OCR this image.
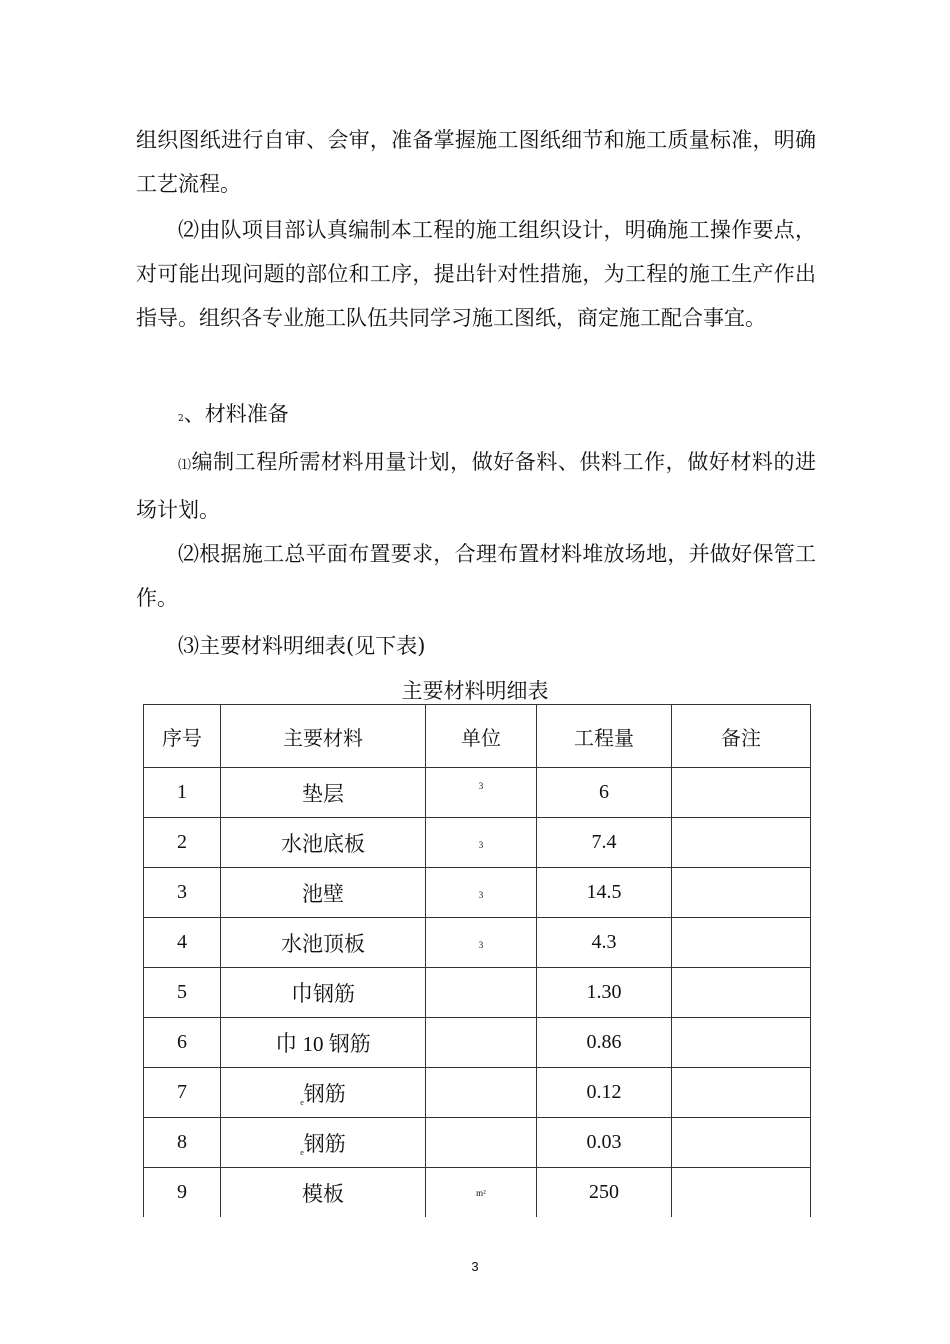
组织图纸进行自审、会审，准备掌握施工图纸细节和施工质量标准，明确工艺流程。

⑵由队项目部认真编制本工程的施工组织设计，明确施工操作要点，对可能出现问题的部位和工序，提出针对性措施，为工程的施工生产作出指导。组织各专业施工队伍共同学习施工图纸，商定施工配合事宜。

2、材料准备

⑴编制工程所需材料用量计划，做好备料、供料工作，做好材料的进场计划。

⑵根据施工总平面布置要求，合理布置材料堆放场地，并做好保管工作。

⑶主要材料明细表(见下表)

主要材料明细表
序号	主要材料	单位	工程量	备注
1	垫层	$^3$	6	
2	水池底板	3	7.4	
3	池壁	3	14.5	
4	水池顶板	3	4.3	
5	巾钢筋		1.30	
6	巾 10 钢筋		0.86	
7	e钢筋		0.12	
8	e钢筋		0.03	
9	模板	m²	250	
3
